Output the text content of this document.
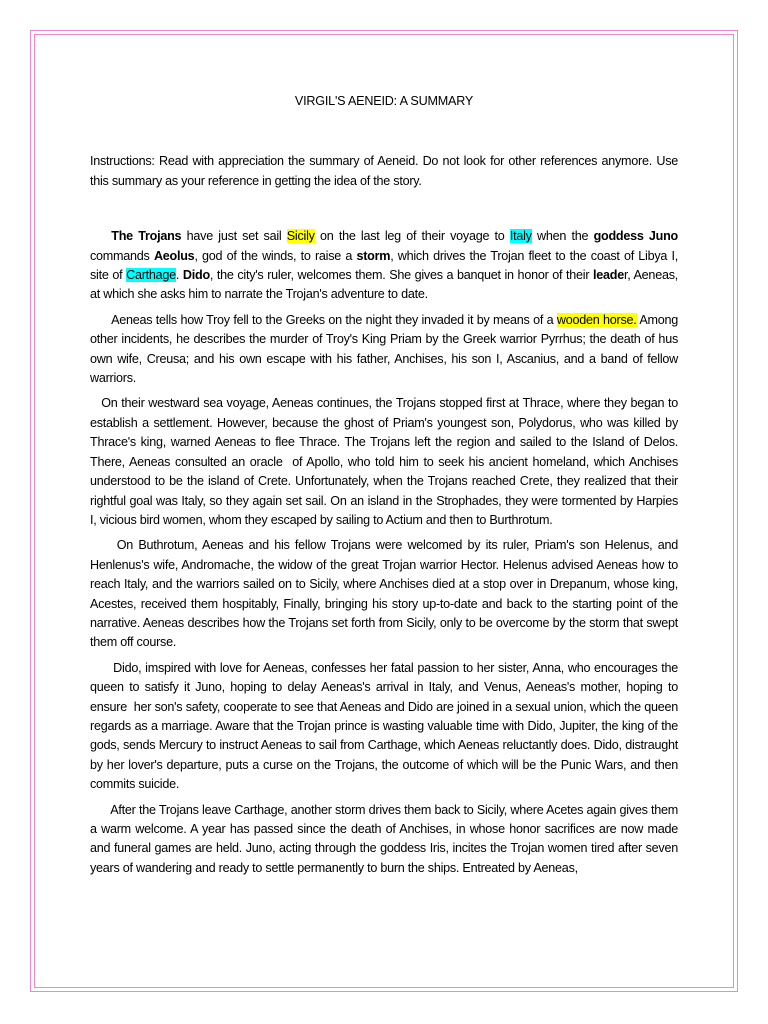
VIRGIL'S AENEID: A SUMMARY
Instructions: Read with appreciation the summary of Aeneid. Do not look for other references anymore. Use this summary as your reference in getting the idea of the story.
The Trojans have just set sail Sicily on the last leg of their voyage to Italy when the goddess Juno commands Aeolus, god of the winds, to raise a storm, which drives the Trojan fleet to the coast of Libya I, site of Carthage. Dido, the city's ruler, welcomes them. She gives a banquet in honor of their leader, Aeneas, at which she asks him to narrate the Trojan's adventure to date.
Aeneas tells how Troy fell to the Greeks on the night they invaded it by means of a wooden horse. Among other incidents, he describes the murder of Troy's King Priam by the Greek warrior Pyrrhus; the death of hus own wife, Creusa; and his own escape with his father, Anchises, his son I, Ascanius, and a band of fellow warriors.
On their westward sea voyage, Aeneas continues, the Trojans stopped first at Thrace, where they began to establish a settlement. However, because the ghost of Priam's youngest son, Polydorus, who was killed by Thrace's king, warned Aeneas to flee Thrace. The Trojans left the region and sailed to the Island of Delos. There, Aeneas consulted an oracle  of Apollo, who told him to seek his ancient homeland, which Anchises understood to be the island of Crete. Unfortunately, when the Trojans reached Crete, they realized that their rightful goal was Italy, so they again set sail. On an island in the Strophades, they were tormented by Harpies I, vicious bird women, whom they escaped by sailing to Actium and then to Burthrotum.
On Buthrotum, Aeneas and his fellow Trojans were welcomed by its ruler, Priam's son Helenus, and Henlenus's wife, Andromache, the widow of the great Trojan warrior Hector. Helenus advised Aeneas how to reach Italy, and the warriors sailed on to Sicily, where Anchises died at a stop over in Drepanum, whose king, Acestes, received them hospitably, Finally, bringing his story up-to-date and back to the starting point of the narrative. Aeneas describes how the Trojans set forth from Sicily, only to be overcome by the storm that swept them off course.
Dido, imspired with love for Aeneas, confesses her fatal passion to her sister, Anna, who encourages the queen to satisfy it Juno, hoping to delay Aeneas's arrival in Italy, and Venus, Aeneas's mother, hoping to ensure  her son's safety, cooperate to see that Aeneas and Dido are joined in a sexual union, which the queen regards as a marriage. Aware that the Trojan prince is wasting valuable time with Dido, Jupiter, the king of the gods, sends Mercury to instruct Aeneas to sail from Carthage, which Aeneas reluctantly does. Dido, distraught by her lover's departure, puts a curse on the Trojans, the outcome of which will be the Punic Wars, and then commits suicide.
After the Trojans leave Carthage, another storm drives them back to Sicily, where Acetes again gives them a warm welcome. A year has passed since the death of Anchises, in whose honor sacrifices are now made and funeral games are held. Juno, acting through the goddess Iris, incites the Trojan women tired after seven years of wandering and ready to settle permanently to burn the ships. Entreated by Aeneas,
